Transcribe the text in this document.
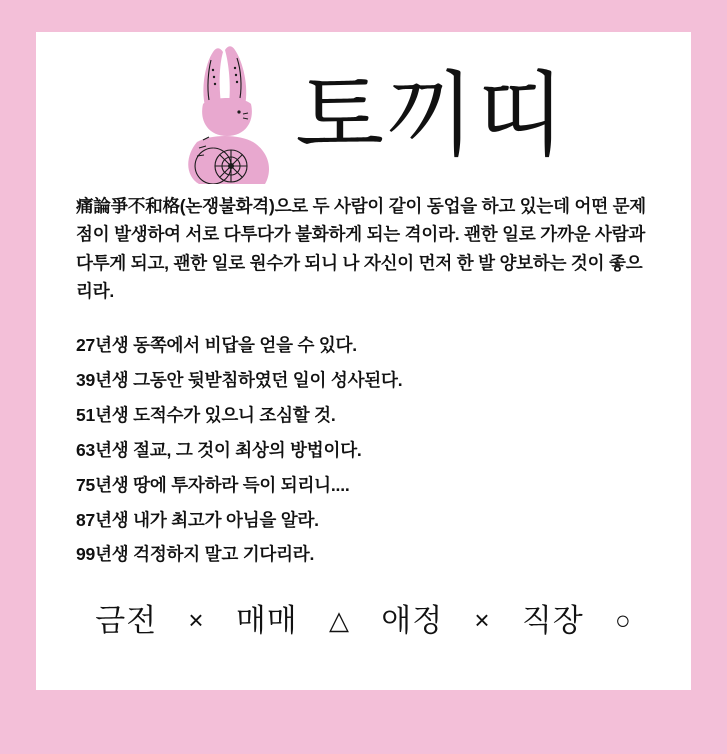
토끼띠

痛論爭不和格(논쟁불화격)으로 두 사람이 같이 동업을 하고 있는데 어떤 문제점이 발생하여 서로 다투다가 불화하게 되는 격이라. 괜한 일로 가까운 사람과 다투게 되고, 괜한 일로 원수가 되니 나 자신이 먼저 한 발 양보하는 것이 좋으리라.

27년생 동쪽에서 비답을 얻을 수 있다.
39년생 그동안 뒷받침하였던 일이 성사된다.
51년생 도적수가 있으니 조심할 것.
63년생 절교, 그 것이 최상의 방법이다.
75년생 땅에 투자하라 득이 되리니....
87년생 내가 최고가 아님을 알라.
99년생 걱정하지 말고 기다리라.
금전 × 매매 △ 애정 × 직장 ○
